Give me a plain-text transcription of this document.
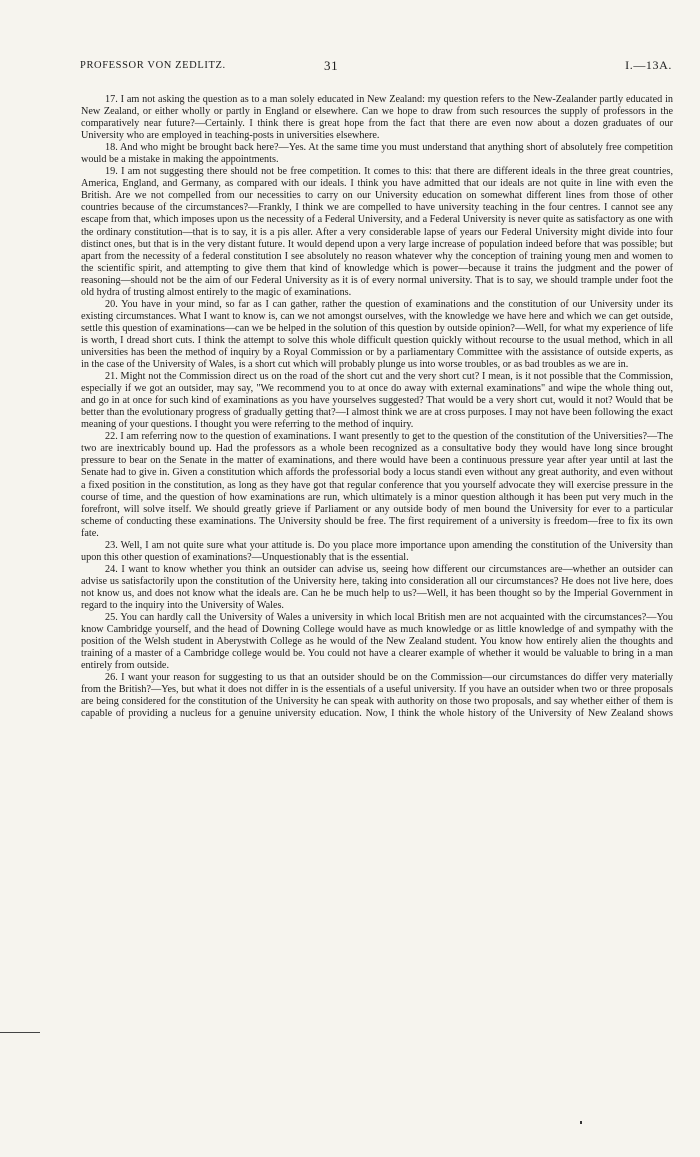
PROFESSOR VON ZEDLITZ.	31	I.—13A.

17. I am not asking the question as to a man solely educated in New Zealand: my question refers to the New-Zealander partly educated in New Zealand, or either wholly or partly in England or elsewhere. Can we hope to draw from such resources the supply of professors in the comparatively near future?—Certainly. I think there is great hope from the fact that there are even now about a dozen graduates of our University who are employed in teaching-posts in universities elsewhere.

18. And who might be brought back here?—Yes. At the same time you must understand that anything short of absolutely free competition would be a mistake in making the appointments.

19. I am not suggesting there should not be free competition. It comes to this: that there are different ideals in the three great countries, America, England, and Germany, as compared with our ideals. I think you have admitted that our ideals are not quite in line with even the British. Are we not compelled from our necessities to carry on our University education on somewhat different lines from those of other countries because of the circumstances?—Frankly, I think we are compelled to have university teaching in the four centres. I cannot see any escape from that, which imposes upon us the necessity of a Federal University, and a Federal University is never quite as satisfactory as one with the ordinary constitution—that is to say, it is a pis aller. After a very considerable lapse of years our Federal University might divide into four distinct ones, but that is in the very distant future. It would depend upon a very large increase of population indeed before that was possible; but apart from the necessity of a federal constitution I see absolutely no reason whatever why the conception of training young men and women to the scientific spirit, and attempting to give them that kind of knowledge which is power—because it trains the judgment and the power of reasoning—should not be the aim of our Federal University as it is of every normal university. That is to say, we should trample under foot the old hydra of trusting almost entirely to the magic of examinations.

20. You have in your mind, so far as I can gather, rather the question of examinations and the constitution of our University under its existing circumstances. What I want to know is, can we not amongst ourselves, with the knowledge we have here and which we can get outside, settle this question of examinations—can we be helped in the solution of this question by outside opinion?—Well, for what my experience of life is worth, I dread short cuts. I think the attempt to solve this whole difficult question quickly without recourse to the usual method, which in all universities has been the method of inquiry by a Royal Commission or by a parliamentary Committee with the assistance of outside experts, as in the case of the University of Wales, is a short cut which will probably plunge us into worse troubles, or as bad troubles as we are in.

21. Might not the Commission direct us on the road of the short cut and the very short cut? I mean, is it not possible that the Commission, especially if we got an outsider, may say, "We recommend you to at once do away with external examinations" and wipe the whole thing out, and go in at once for such kind of examinations as you have yourselves suggested? That would be a very short cut, would it not? Would that be better than the evolutionary progress of gradually getting that?—I almost think we are at cross purposes. I may not have been following the exact meaning of your questions. I thought you were referring to the method of inquiry.

22. I am referring now to the question of examinations. I want presently to get to the question of the constitution of the Universities?—The two are inextricably bound up. Had the professors as a whole been recognized as a consultative body they would have long since brought pressure to bear on the Senate in the matter of examinations, and there would have been a continuous pressure year after year until at last the Senate had to give in. Given a constitution which affords the professorial body a locus standi even without any great authority, and even without a fixed position in the constitution, as long as they have got that regular conference that you yourself advocate they will exercise pressure in the course of time, and the question of how examinations are run, which ultimately is a minor question although it has been put very much in the forefront, will solve itself. We should greatly grieve if Parliament or any outside body of men bound the University for ever to a particular scheme of conducting these examinations. The University should be free. The first requirement of a university is freedom—free to fix its own fate.

23. Well, I am not quite sure what your attitude is. Do you place more importance upon amending the constitution of the University than upon this other question of examinations?—Unquestionably that is the essential.

24. I want to know whether you think an outsider can advise us, seeing how different our circumstances are—whether an outsider can advise us satisfactorily upon the constitution of the University here, taking into consideration all our circumstances? He does not live here, does not know us, and does not know what the ideals are. Can he be much help to us?—Well, it has been thought so by the Imperial Government in regard to the inquiry into the University of Wales.

25. You can hardly call the University of Wales a university in which local British men are not acquainted with the circumstances?—You know Cambridge yourself, and the head of Downing College would have as much knowledge or as little knowledge of and sympathy with the position of the Welsh student in Aberystwith College as he would of the New Zealand student. You know how entirely alien the thoughts and training of a master of a Cambridge college would be. You could not have a clearer example of whether it would be valuable to bring in a man entirely from outside.

26. I want your reason for suggesting to us that an outsider should be on the Commission—our circumstances do differ very materially from the British?—Yes, but what it does not differ in is the essentials of a useful university. If you have an outsider when two or three proposals are being considered for the constitution of the University he can speak with authority on those two proposals, and say whether either of them is capable of providing a nucleus for a genuine university education. Now, I think the whole history of the University of New Zealand shows
